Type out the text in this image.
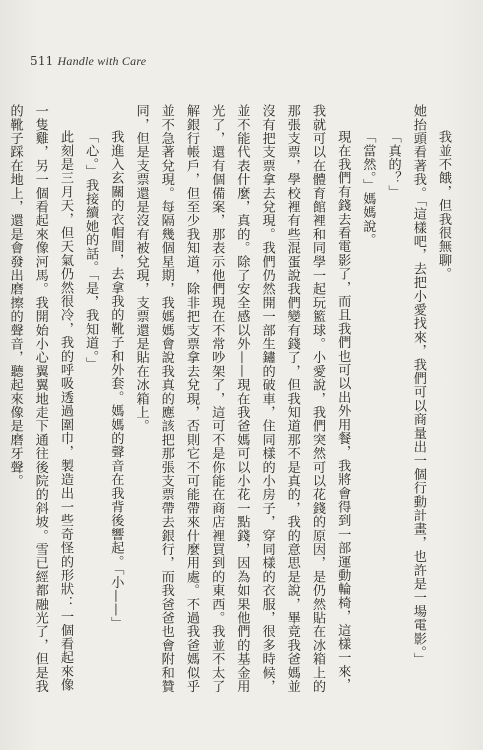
511 Handle with Care

我並不餓，但我很無聊。

她抬頭看著我。「這樣吧，去把小愛找來，我們可以商量出一個行動計畫，也許是一場電影。」

「真的？」

「當然。」媽媽說。

現在我們有錢去看電影了，而且我們也可以出外用餐，我將會得到一部運動輪椅，這樣一來，我就可以在體育館裡和同學一起玩籃球。小愛說，我們突然可以花錢的原因，是仍然貼在冰箱上的那張支票，學校裡有些混蛋說我們變有錢了，但我知道那不是真的，我的意思是說，畢竟我爸媽並沒有把支票拿去兌現。我們仍然開一部生鏽的破車，住同樣的小房子，穿同樣的衣服，很多時候，並不能代表什麼，真的。除了安全感以外——現在我爸媽可以小花一點錢，因為如果他們的基金用光了，還有個備案，那表示他們現在不常吵架了，這可不是你能在商店裡買到的東西。我並不太了解銀行帳戶，但至少我知道，除非把支票拿去兌現，否則它不可能帶來什麼用處。不過我爸媽似乎並不急著兌現。每隔幾個星期，我媽媽會說我真的應該把那張支票帶去銀行，而我爸爸也會附和贊同，但是支票還是沒有被兌現，支票還是貼在冰箱上。

我進入玄關的衣帽間，去拿我的靴子和外套。媽媽的聲音在我背後響起。「小——」

「心。」我接續她的話。「是，我知道。」

此刻是三月天，但天氣仍然很冷，我的呼吸透過圍巾，製造出一些奇怪的形狀：一個看起來像一隻雞，另一個看起來像河馬。我開始小心翼翼地走下通往後院的斜坡。雪已經都融光了，但是我的靴子踩在地上，還是會發出磨擦的聲音，聽起來像是磨牙聲。
